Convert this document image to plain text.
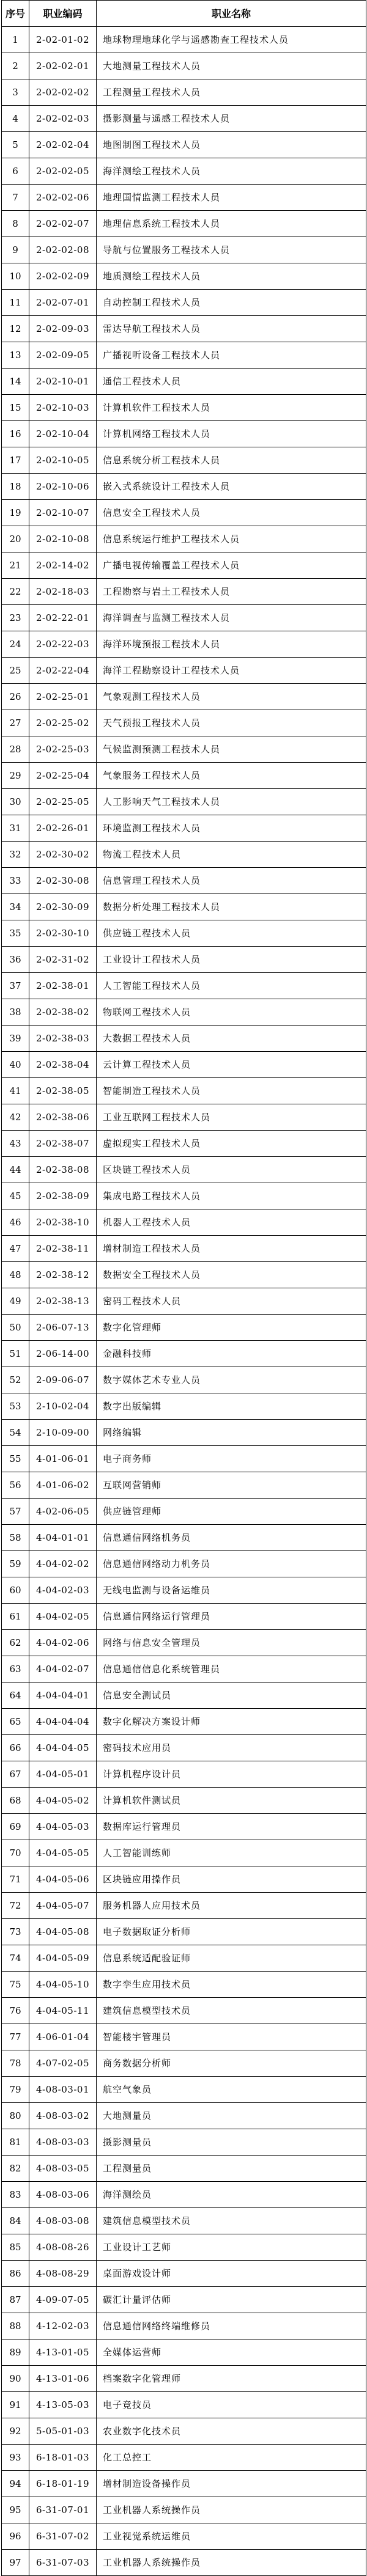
序号	职业编码	职业名称
1	2-02-01-02	地球物理地球化学与遥感勘查工程技术人员
2	2-02-02-01	大地测量工程技术人员
3	2-02-02-02	工程测量工程技术人员
4	2-02-02-03	摄影测量与遥感工程技术人员
5	2-02-02-04	地图制图工程技术人员
6	2-02-02-05	海洋测绘工程技术人员
7	2-02-02-06	地理国情监测工程技术人员
8	2-02-02-07	地理信息系统工程技术人员
9	2-02-02-08	导航与位置服务工程技术人员
10	2-02-02-09	地质测绘工程技术人员
11	2-02-07-01	自动控制工程技术人员
12	2-02-09-03	雷达导航工程技术人员
13	2-02-09-05	广播视听设备工程技术人员
14	2-02-10-01	通信工程技术人员
15	2-02-10-03	计算机软件工程技术人员
16	2-02-10-04	计算机网络工程技术人员
17	2-02-10-05	信息系统分析工程技术人员
18	2-02-10-06	嵌入式系统设计工程技术人员
19	2-02-10-07	信息安全工程技术人员
20	2-02-10-08	信息系统运行维护工程技术人员
21	2-02-14-02	广播电视传输覆盖工程技术人员
22	2-02-18-03	工程勘察与岩土工程技术人员
23	2-02-22-01	海洋调查与监测工程技术人员
24	2-02-22-03	海洋环境预报工程技术人员
25	2-02-22-04	海洋工程勘察设计工程技术人员
26	2-02-25-01	气象观测工程技术人员
27	2-02-25-02	天气预报工程技术人员
28	2-02-25-03	气候监测预测工程技术人员
29	2-02-25-04	气象服务工程技术人员
30	2-02-25-05	人工影响天气工程技术人员
31	2-02-26-01	环境监测工程技术人员
32	2-02-30-02	物流工程技术人员
33	2-02-30-08	信息管理工程技术人员
34	2-02-30-09	数据分析处理工程技术人员
35	2-02-30-10	供应链工程技术人员
36	2-02-31-02	工业设计工程技术人员
37	2-02-38-01	人工智能工程技术人员
38	2-02-38-02	物联网工程技术人员
39	2-02-38-03	大数据工程技术人员
40	2-02-38-04	云计算工程技术人员
41	2-02-38-05	智能制造工程技术人员
42	2-02-38-06	工业互联网工程技术人员
43	2-02-38-07	虚拟现实工程技术人员
44	2-02-38-08	区块链工程技术人员
45	2-02-38-09	集成电路工程技术人员
46	2-02-38-10	机器人工程技术人员
47	2-02-38-11	增材制造工程技术人员
48	2-02-38-12	数据安全工程技术人员
49	2-02-38-13	密码工程技术人员
50	2-06-07-13	数字化管理师
51	2-06-14-00	金融科技师
52	2-09-06-07	数字媒体艺术专业人员
53	2-10-02-04	数字出版编辑
54	2-10-09-00	网络编辑
55	4-01-06-01	电子商务师
56	4-01-06-02	互联网营销师
57	4-02-06-05	供应链管理师
58	4-04-01-01	信息通信网络机务员
59	4-04-02-02	信息通信网络动力机务员
60	4-04-02-03	无线电监测与设备运维员
61	4-04-02-05	信息通信网络运行管理员
62	4-04-02-06	网络与信息安全管理员
63	4-04-02-07	信息通信信息化系统管理员
64	4-04-04-01	信息安全测试员
65	4-04-04-04	数字化解决方案设计师
66	4-04-04-05	密码技术应用员
67	4-04-05-01	计算机程序设计员
68	4-04-05-02	计算机软件测试员
69	4-04-05-03	数据库运行管理员
70	4-04-05-05	人工智能训练师
71	4-04-05-06	区块链应用操作员
72	4-04-05-07	服务机器人应用技术员
73	4-04-05-08	电子数据取证分析师
74	4-04-05-09	信息系统适配验证师
75	4-04-05-10	数字孪生应用技术员
76	4-04-05-11	建筑信息模型技术员
77	4-06-01-04	智能楼宇管理员
78	4-07-02-05	商务数据分析师
79	4-08-03-01	航空气象员
80	4-08-03-02	大地测量员
81	4-08-03-03	摄影测量员
82	4-08-03-05	工程测量员
83	4-08-03-06	海洋测绘员
84	4-08-03-08	建筑信息模型技术员
85	4-08-08-26	工业设计工艺师
86	4-08-08-29	桌面游戏设计师
87	4-09-07-05	碳汇计量评估师
88	4-12-02-03	信息通信网络终端维修员
89	4-13-01-05	全媒体运营师
90	4-13-01-06	档案数字化管理师
91	4-13-05-03	电子竞技员
92	5-05-01-03	农业数字化技术员
93	6-18-01-03	化工总控工
94	6-18-01-19	增材制造设备操作员
95	6-31-07-01	工业机器人系统操作员
96	6-31-07-02	工业视觉系统运维员
97	6-31-07-03	工业机器人系统操作员
